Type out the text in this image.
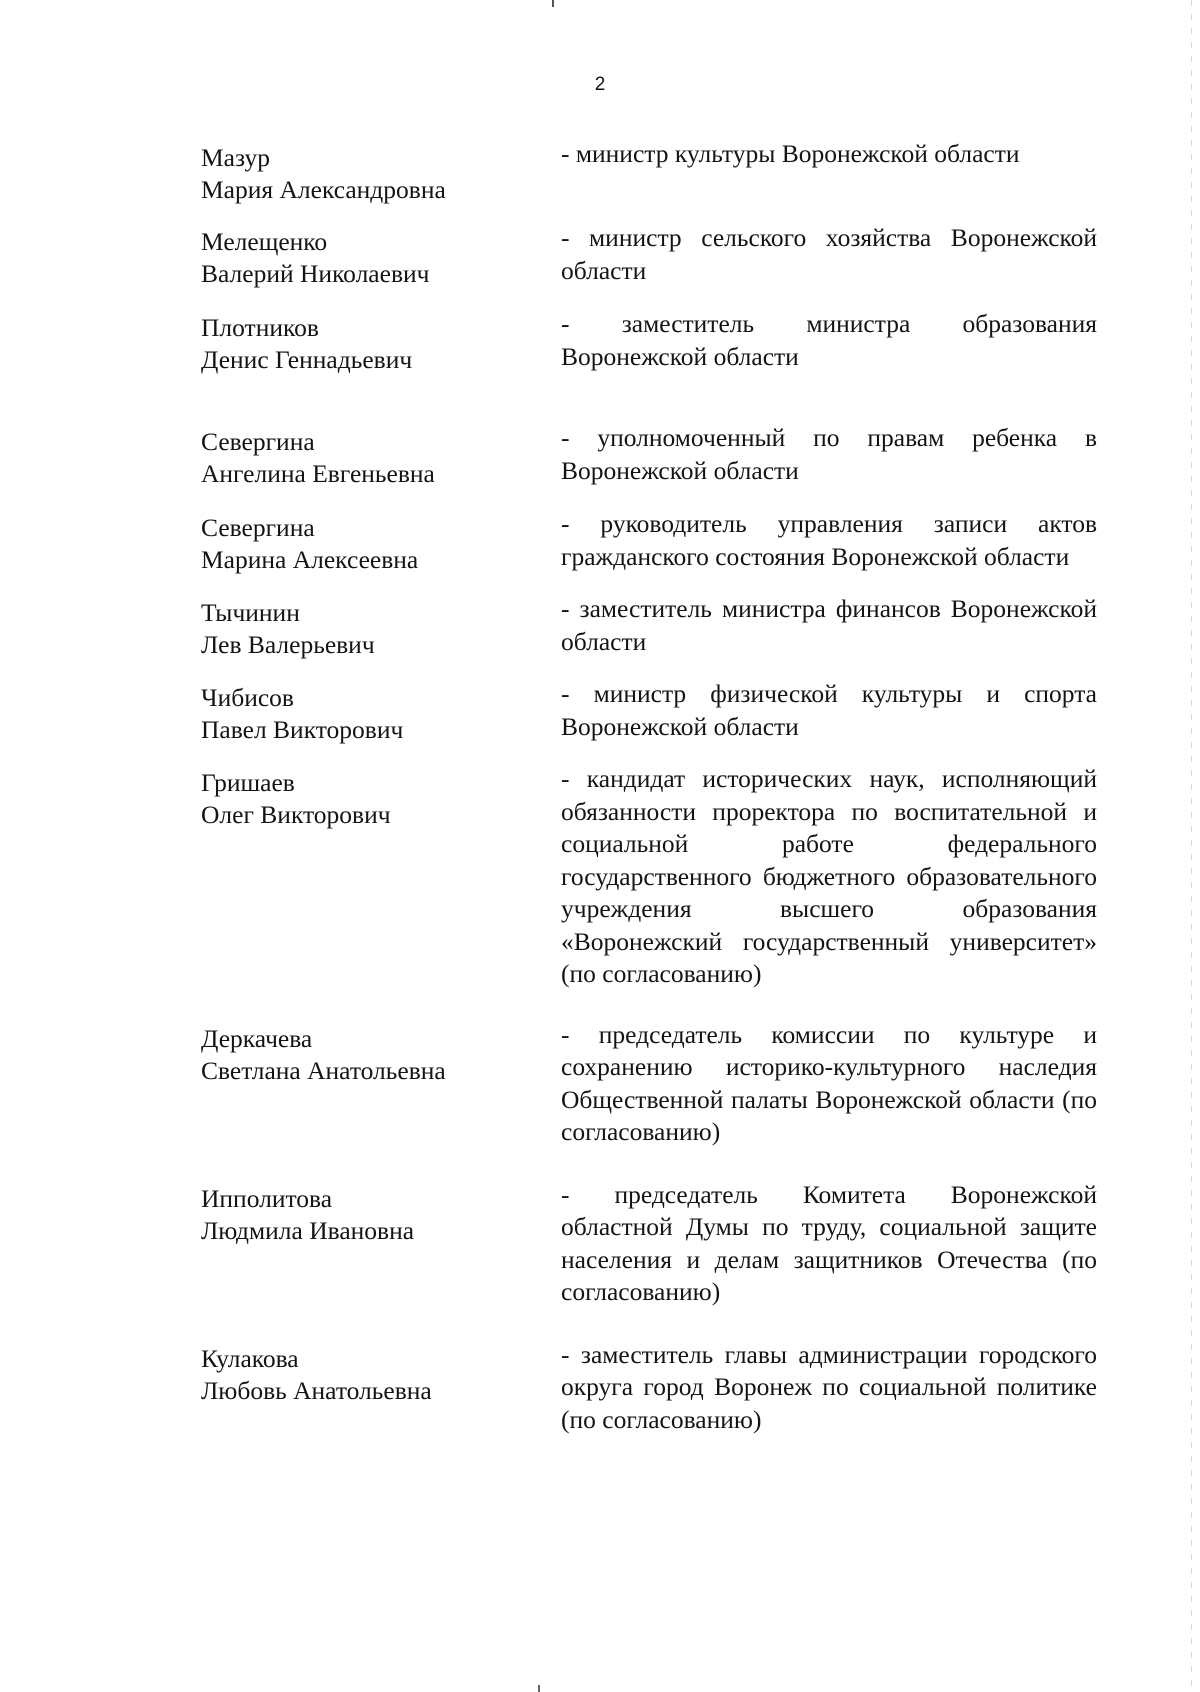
2
Мазур
Мария Александровна
- министр культуры Воронежской области
Мелещенко
Валерий Николаевич
- министр сельского хозяйства Воронежской области
Плотников
Денис Геннадьевич
- заместитель министра образования Воронежской области
Севергина
Ангелина Евгеньевна
- уполномоченный по правам ребенка в Воронежской области
Севергина
Марина Алексеевна
- руководитель управления записи актов гражданского состояния Воронежской области
Тычинин
Лев Валерьевич
- заместитель министра финансов Воронежской области
Чибисов
Павел Викторович
- министр физической культуры и спорта Воронежской области
Гришаев
Олег Викторович
- кандидат исторических наук, исполняющий обязанности проректора по воспитательной и социальной работе федерального государственного бюджетного образовательного учреждения высшего образования «Воронежский государственный университет» (по согласованию)
Деркачева
Светлана Анатольевна
- председатель комиссии по культуре и сохранению историко-культурного наследия Общественной палаты Воронежской области (по согласованию)
Ипполитова
Людмила Ивановна
- председатель Комитета Воронежской областной Думы по труду, социальной защите населения и делам защитников Отечества (по согласованию)
Кулакова
Любовь Анатольевна
- заместитель главы администрации городского округа город Воронеж по социальной политике (по согласованию)
